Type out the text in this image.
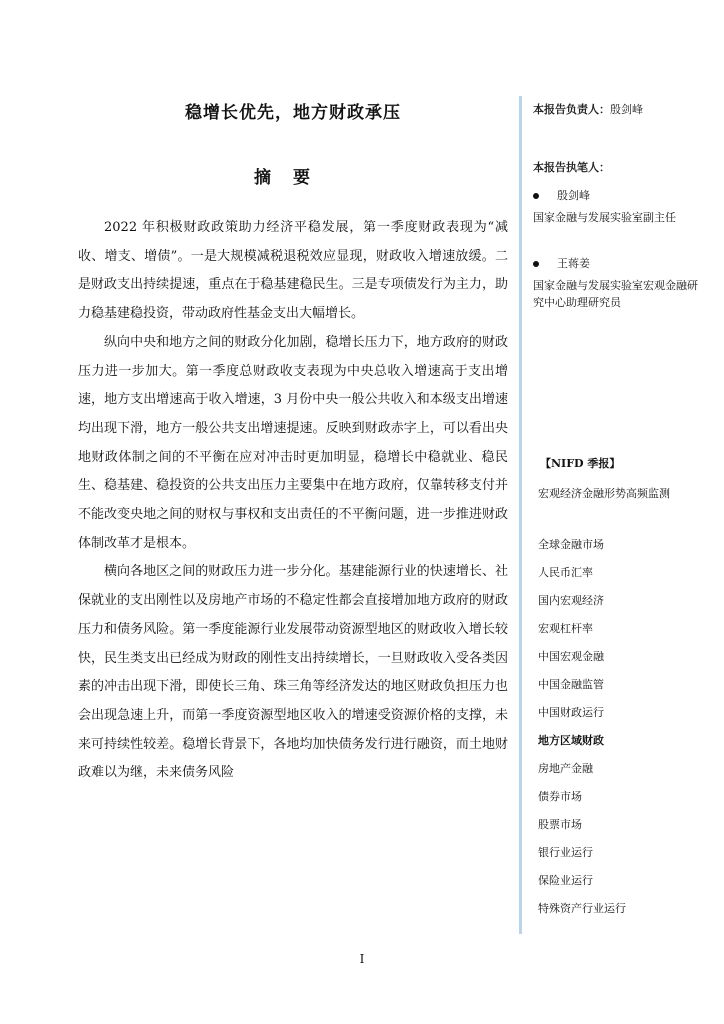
稳增长优先，地方财政承压
摘要

2022 年积极财政政策助力经济平稳发展，第一季度财政表现为“减收、增支、增债”。一是大规模减税退税效应显现，财政收入增速放缓。二是财政支出持续提速，重点在于稳基建稳民生。三是专项债发行为主力，助力稳基建稳投资，带动政府性基金支出大幅增长。

纵向中央和地方之间的财政分化加剧，稳增长压力下，地方政府的财政压力进一步加大。第一季度总财政收支表现为中央总收入增速高于支出增速，地方支出增速高于收入增速，3 月份中央一般公共收入和本级支出增速均出现下滑，地方一般公共支出增速提速。反映到财政赤字上，可以看出央地财政体制之间的不平衡在应对冲击时更加明显，稳增长中稳就业、稳民生、稳基建、稳投资的公共支出压力主要集中在地方政府，仅靠转移支付并不能改变央地之间的财权与事权和支出责任的不平衡问题，进一步推进财政体制改革才是根本。

横向各地区之间的财政压力进一步分化。基建能源行业的快速增长、社保就业的支出刚性以及房地产市场的不稳定性都会直接增加地方政府的财政压力和债务风险。第一季度能源行业发展带动资源型地区的财政收入增长较快，民生类支出已经成为财政的刚性支出持续增长，一旦财政收入受各类因素的冲击出现下滑，即使长三角、珠三角等经济发达的地区财政负担压力也会出现急速上升，而第一季度资源型地区收入的增速受资源价格的支撑，未来可持续性较差。稳增长背景下，各地均加快债务发行进行融资，而土地财政难以为继，未来债务风险

本报告负责人：殷剑峰
本报告执笔人：
殷剑峰
国家金融与发展实验室副主任
王蒋姜
国家金融与发展实验室宏观金融研究中心助理研究员
【NIFD 季报】
宏观经济金融形势高频监测
全球金融市场
人民币汇率
国内宏观经济
宏观杠杆率
中国宏观金融
中国金融监管
中国财政运行
地方区域财政
房地产金融
债券市场
股票市场
银行业运行
保险业运行
特殊资产行业运行
I
